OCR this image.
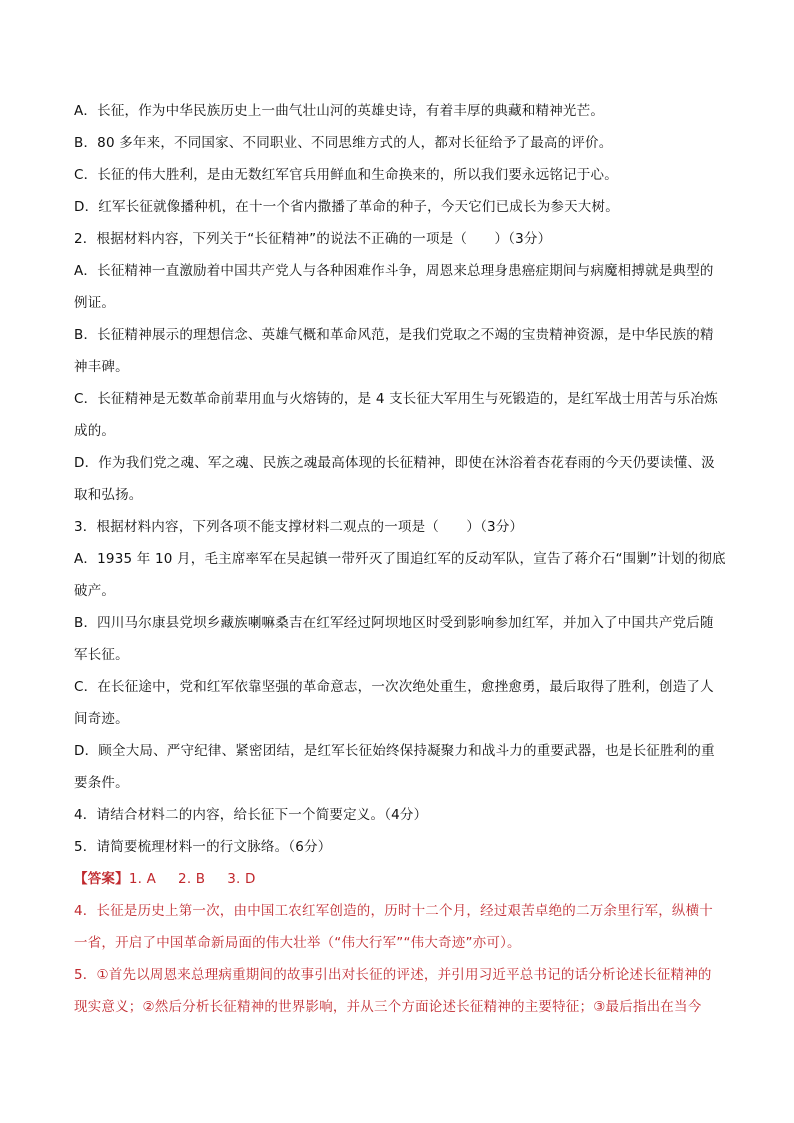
A．长征，作为中华民族历史上一曲气壮山河的英雄史诗，有着丰厚的典藏和精神光芒。
B．80 多年来，不同国家、不同职业、不同思维方式的人，都对长征给予了最高的评价。
C．长征的伟大胜利，是由无数红军官兵用鲜血和生命换来的，所以我们要永远铭记于心。
D．红军长征就像播种机，在十一个省内撒播了革命的种子，今天它们已成长为参天大树。
2．根据材料内容，下列关于“长征精神”的说法不正确的一项是（　　）（3分）
A．长征精神一直激励着中国共产党人与各种困难作斗争，周恩来总理身患癌症期间与病魔相搏就是典型的
例证。
B．长征精神展示的理想信念、英雄气概和革命风范，是我们党取之不竭的宝贵精神资源，是中华民族的精
神丰碑。
C．长征精神是无数革命前辈用血与火熔铸的，是 4 支长征大军用生与死锻造的，是红军战士用苦与乐冶炼
成的。
D．作为我们党之魂、军之魂、民族之魂最高体现的长征精神，即使在沐浴着杏花春雨的今天仍要读懂、汲
取和弘扬。
3．根据材料内容，下列各项不能支撑材料二观点的一项是（　　）（3分）
A．1935 年 10 月，毛主席率军在吴起镇一带歼灭了围追红军的反动军队，宣告了蒋介石“围剿”计划的彻底
破产。
B．四川马尔康县党坝乡藏族喇嘛桑吉在红军经过阿坝地区时受到影响参加红军，并加入了中国共产党后随
军长征。
C．在长征途中，党和红军依靠坚强的革命意志，一次次绝处重生，愈挫愈勇，最后取得了胜利，创造了人
间奇迹。
D．顾全大局、严守纪律、紧密团结，是红军长征始终保持凝聚力和战斗力的重要武器，也是长征胜利的重
要条件。
4．请结合材料二的内容，给长征下一个简要定义。（4分）
5．请简要梳理材料一的行文脉络。（6分）
【答案】1. A 2. B 3. D
4．长征是历史上第一次，由中国工农红军创造的，历时十二个月，经过艰苦卓绝的二万余里行军，纵横十
一省，开启了中国革命新局面的伟大壮举（“伟大行军”“伟大奇迹”亦可）。
5．①首先以周恩来总理病重期间的故事引出对长征的评述，并引用习近平总书记的话分析论述长征精神的
现实意义；②然后分析长征精神的世界影响，并从三个方面论述长征精神的主要特征；③最后指出在当今
